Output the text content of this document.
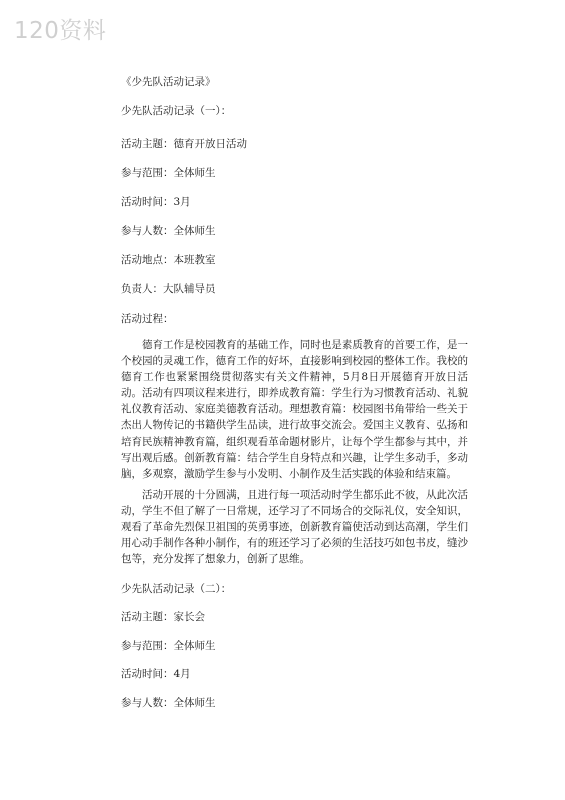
120资料
《少先队活动记录》
少先队活动记录（一）：
活动主题：德育开放日活动
参与范围：全体师生
活动时间：3月
参与人数：全体师生
活动地点：本班教室
负责人：大队辅导员
活动过程：
德育工作是校园教育的基础工作，同时也是素质教育的首要工作，是一个校园的灵魂工作，德育工作的好坏，直接影响到校园的整体工作。我校的德育工作也紧紧围绕贯彻落实有关文件精神，5月8日开展德育开放日活动。活动有四项议程来进行，即养成教育篇：学生行为习惯教育活动、礼貌礼仪教育活动、家庭美德教育活动。理想教育篇：校园图书角带给一些关于杰出人物传记的书籍供学生品读，进行故事交流会。爱国主义教育、弘扬和培育民族精神教育篇，组织观看革命题材影片，让每个学生都参与其中，并写出观后感。创新教育篇：结合学生自身特点和兴趣，让学生多动手，多动脑，多观察，激励学生参与小发明、小制作及生活实践的体验和结束篇。
活动开展的十分圆满，且进行每一项活动时学生都乐此不彼，从此次活动，学生不但了解了一日常规，还学习了不同场合的交际礼仪，安全知识，观看了革命先烈保卫祖国的英勇事迹，创新教育篇使活动到达高潮，学生们用心动手制作各种小制作，有的班还学习了必须的生活技巧如包书皮，缝沙包等，充分发挥了想象力，创新了思维。
少先队活动记录（二）：
活动主题：家长会
参与范围：全体师生
活动时间：4月
参与人数：全体师生
